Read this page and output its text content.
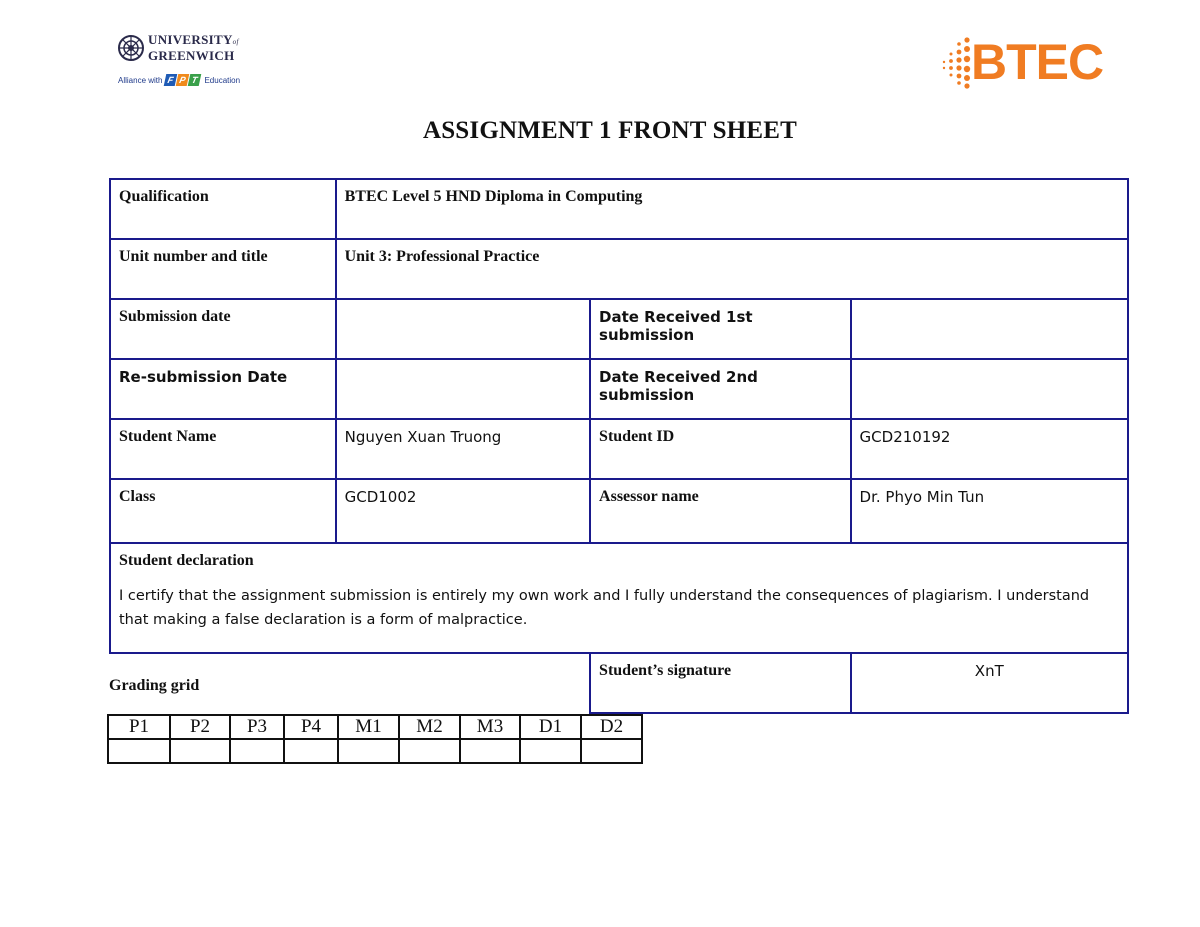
UNIVERSITYof
GREENWICH
Alliance with F P T Education	BTEC
ASSIGNMENT 1 FRONT SHEET
Qualification	BTEC Level 5 HND Diploma in Computing		
Unit number and title	Unit 3: Professional Practice		
Submission date		Date Received 1st submission	
Re-submission Date		Date Received 2nd submission	
Student Name	Nguyen Xuan Truong	Student ID	GCD210192
Class	GCD1002	Assessor name	Dr. Phyo Min Tun

Student declaration
I certify that the assignment submission is entirely my own work and I fully understand the consequences of plagiarism. I understand that making a false declaration is a form of malpractice.			

		Student’s signature	XnT
Grading grid
P1	P2	P3	P4	M1	M2	M3	D1	D2
